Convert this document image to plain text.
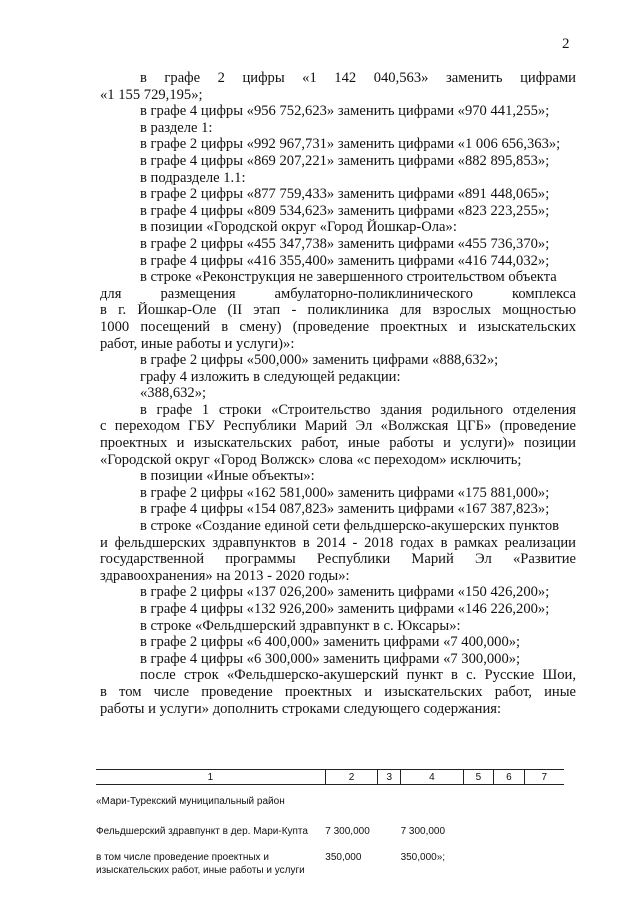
2
в графе 2 цифры «1 142 040,563» заменить цифрами
«1 155 729,195»;
в графе 4 цифры «956 752,623» заменить цифрами «970 441,255»;
в разделе 1:
в графе 2 цифры «992 967,731» заменить цифрами «1 006 656,363»;
в графе 4 цифры «869 207,221» заменить цифрами «882 895,853»;
в подразделе 1.1:
в графе 2 цифры «877 759,433» заменить цифрами «891 448,065»;
в графе 4 цифры «809 534,623» заменить цифрами «823 223,255»;
в позиции «Городской округ «Город Йошкар-Ола»:
в графе 2 цифры «455 347,738» заменить цифрами «455 736,370»;
в графе 4 цифры «416 355,400» заменить цифрами «416 744,032»;
в строке «Реконструкция не завершенного строительством объекта
для размещения амбулаторно-поликлинического комплекса
в г. Йошкар-Оле (II этап - поликлиника для взрослых мощностью
1000 посещений в смену) (проведение проектных и изыскательских
работ, иные работы и услуги)»:
в графе 2 цифры «500,000» заменить цифрами «888,632»;
графу 4 изложить в следующей редакции:
«388,632»;
в графе 1 строки «Строительство здания родильного отделения
с переходом ГБУ Республики Марий Эл «Волжская ЦГБ» (проведение
проектных и изыскательских работ, иные работы и услуги)» позиции
«Городской округ «Город Волжск» слова «с переходом» исключить;
в позиции «Иные объекты»:
в графе 2 цифры «162 581,000» заменить цифрами «175 881,000»;
в графе 4 цифры «154 087,823» заменить цифрами «167 387,823»;
в строке «Создание единой сети фельдшерско-акушерских пунктов
и фельдшерских здравпунктов в 2014 - 2018 годах в рамках реализации
государственной программы Республики Марий Эл «Развитие
здравоохранения» на 2013 - 2020 годы»:
в графе 2 цифры «137 026,200» заменить цифрами «150 426,200»;
в графе 4 цифры «132 926,200» заменить цифрами «146 226,200»;
в строке «Фельдшерский здравпункт в с. Юксары»:
в графе 2 цифры «6 400,000» заменить цифрами «7 400,000»;
в графе 4 цифры «6 300,000» заменить цифрами «7 300,000»;
после строк «Фельдшерско-акушерский пункт в с. Русские Шои,
в том числе проведение проектных и изыскательских работ, иные
работы и услуги» дополнить строками следующего содержания:
1	2	3	4	5	6	7

«Мари-Турекский муниципальный район						
Фельдшерский здравпункт в дер. Мари-Купта	7 300,000		7 300,000			
в том числе проведение проектных и изыскательских работ, иные работы и услуги	350,000		350,000»;			
